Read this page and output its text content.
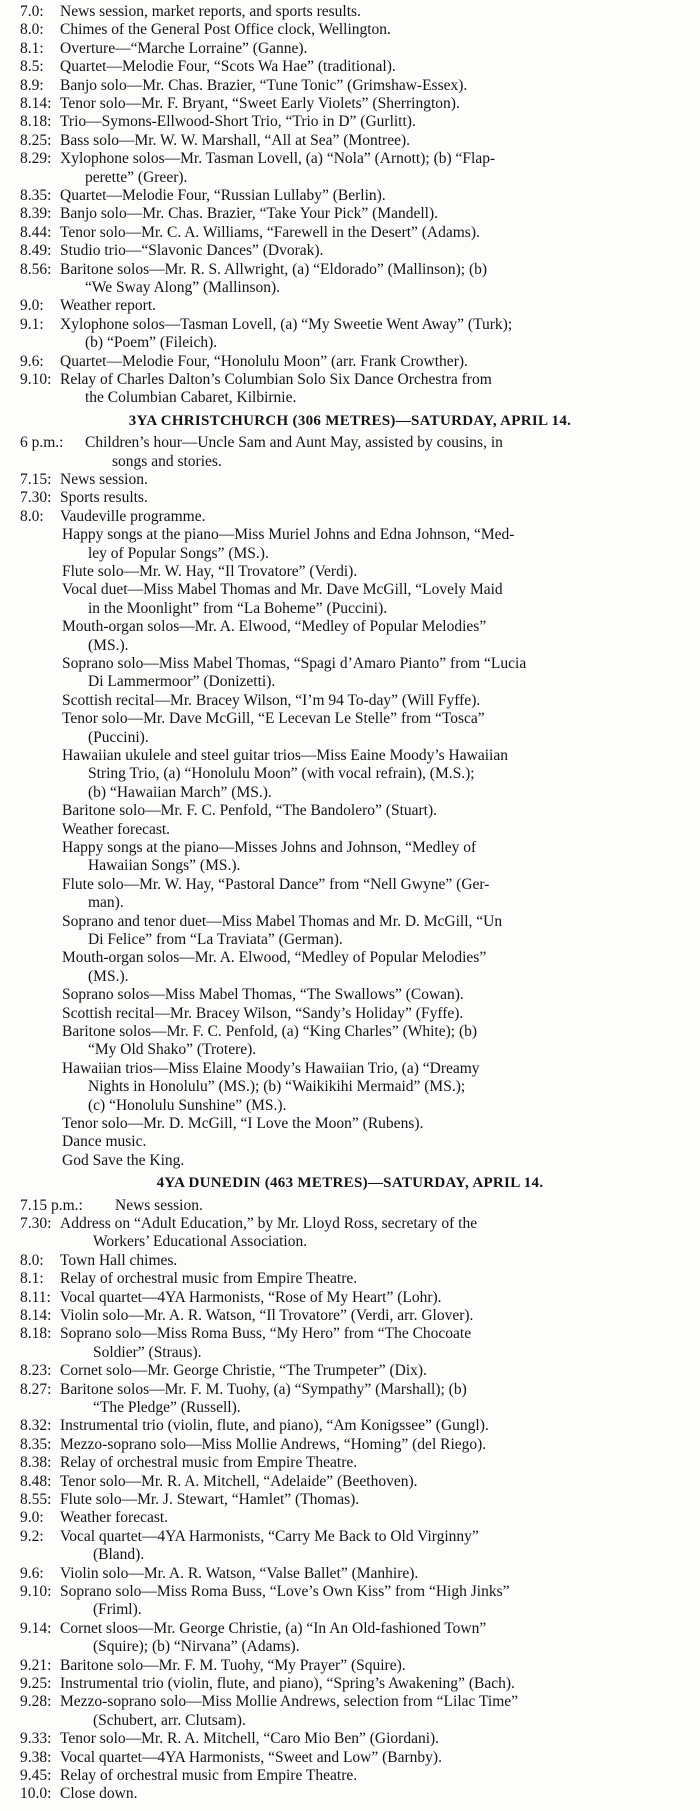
7.0: News session, market reports, and sports results.
8.0: Chimes of the General Post Office clock, Wellington.
8.1: Overture—“Marche Lorraine” (Ganne).
8.5: Quartet—Melodie Four, “Scots Wa Hae” (traditional).
8.9: Banjo solo—Mr. Chas. Brazier, “Tune Tonic” (Grimshaw-Essex).
8.14: Tenor solo—Mr. F. Bryant, “Sweet Early Violets” (Sherrington).
8.18: Trio—Symons-Ellwood-Short Trio, “Trio in D” (Gurlitt).
8.25: Bass solo—Mr. W. W. Marshall, “All at Sea” (Montree).
8.29: Xylophone solos—Mr. Tasman Lovell, (a) “Nola” (Arnott); (b) “Flap-
perette” (Greer).
8.35: Quartet—Melodie Four, “Russian Lullaby” (Berlin).
8.39: Banjo solo—Mr. Chas. Brazier, “Take Your Pick” (Mandell).
8.44: Tenor solo—Mr. C. A. Williams, “Farewell in the Desert” (Adams).
8.49: Studio trio—“Slavonic Dances” (Dvorak).
8.56: Baritone solos—Mr. R. S. Allwright, (a) “Eldorado” (Mallinson); (b)
“We Sway Along” (Mallinson).
9.0: Weather report.
9.1: Xylophone solos—Tasman Lovell, (a) “My Sweetie Went Away” (Turk);
(b) “Poem” (Fileich).
9.6: Quartet—Melodie Four, “Honolulu Moon” (arr. Frank Crowther).
9.10: Relay of Charles Dalton’s Columbian Solo Six Dance Orchestra from
the Columbian Cabaret, Kilbirnie.
3YA CHRISTCHURCH (306 METRES)—SATURDAY, APRIL 14.
6 p.m.: Children’s hour—Uncle Sam and Aunt May, assisted by cousins, in
songs and stories.
7.15: News session.
7.30: Sports results.
8.0: Vaudeville programme.
Happy songs at the piano—Miss Muriel Johns and Edna Johnson, “Med-
ley of Popular Songs” (MS.).
Flute solo—Mr. W. Hay, “Il Trovatore” (Verdi).
Vocal duet—Miss Mabel Thomas and Mr. Dave McGill, “Lovely Maid
in the Moonlight” from “La Boheme” (Puccini).
Mouth-organ solos—Mr. A. Elwood, “Medley of Popular Melodies”
(MS.).
Soprano solo—Miss Mabel Thomas, “Spagi d’Amaro Pianto” from “Lucia
Di Lammermoor” (Donizetti).
Scottish recital—Mr. Bracey Wilson, “I’m 94 To-day” (Will Fyffe).
Tenor solo—Mr. Dave McGill, “E Lecevan Le Stelle” from “Tosca”
(Puccini).
Hawaiian ukulele and steel guitar trios—Miss Eaine Moody’s Hawaiian
String Trio, (a) “Honolulu Moon” (with vocal refrain), (M.S.);
(b) “Hawaiian March” (MS.).
Baritone solo—Mr. F. C. Penfold, “The Bandolero” (Stuart).
Weather forecast.
Happy songs at the piano—Misses Johns and Johnson, “Medley of
Hawaiian Songs” (MS.).
Flute solo—Mr. W. Hay, “Pastoral Dance” from “Nell Gwyne” (Ger-
man).
Soprano and tenor duet—Miss Mabel Thomas and Mr. D. McGill, “Un
Di Felice” from “La Traviata” (German).
Mouth-organ solos—Mr. A. Elwood, “Medley of Popular Melodies”
(MS.).
Soprano solos—Miss Mabel Thomas, “The Swallows” (Cowan).
Scottish recital—Mr. Bracey Wilson, “Sandy’s Holiday” (Fyffe).
Baritone solos—Mr. F. C. Penfold, (a) “King Charles” (White); (b)
“My Old Shako” (Trotere).
Hawaiian trios—Miss Elaine Moody’s Hawaiian Trio, (a) “Dreamy
Nights in Honolulu” (MS.); (b) “Waikikihi Mermaid” (MS.);
(c) “Honolulu Sunshine” (MS.).
Tenor solo—Mr. D. McGill, “I Love the Moon” (Rubens).
Dance music.
God Save the King.
4YA DUNEDIN (463 METRES)—SATURDAY, APRIL 14.
7.15 p.m.: News session.
7.30: Address on “Adult Education,” by Mr. Lloyd Ross, secretary of the
Workers’ Educational Association.
8.0: Town Hall chimes.
8.1: Relay of orchestral music from Empire Theatre.
8.11: Vocal quartet—4YA Harmonists, “Rose of My Heart” (Lohr).
8.14: Violin solo—Mr. A. R. Watson, “Il Trovatore” (Verdi, arr. Glover).
8.18: Soprano solo—Miss Roma Buss, “My Hero” from “The Chocoate
Soldier” (Straus).
8.23: Cornet solo—Mr. George Christie, “The Trumpeter” (Dix).
8.27: Baritone solos—Mr. F. M. Tuohy, (a) “Sympathy” (Marshall); (b)
“The Pledge” (Russell).
8.32: Instrumental trio (violin, flute, and piano), “Am Konigssee” (Gungl).
8.35: Mezzo-soprano solo—Miss Mollie Andrews, “Homing” (del Riego).
8.38: Relay of orchestral music from Empire Theatre.
8.48: Tenor solo—Mr. R. A. Mitchell, “Adelaide” (Beethoven).
8.55: Flute solo—Mr. J. Stewart, “Hamlet” (Thomas).
9.0: Weather forecast.
9.2: Vocal quartet—4YA Harmonists, “Carry Me Back to Old Virginny”
(Bland).
9.6: Violin solo—Mr. A. R. Watson, “Valse Ballet” (Manhire).
9.10: Soprano solo—Miss Roma Buss, “Love’s Own Kiss” from “High Jinks”
(Friml).
9.14: Cornet sloos—Mr. George Christie, (a) “In An Old-fashioned Town”
(Squire); (b) “Nirvana” (Adams).
9.21: Baritone solo—Mr. F. M. Tuohy, “My Prayer” (Squire).
9.25: Instrumental trio (violin, flute, and piano), “Spring’s Awakening” (Bach).
9.28: Mezzo-soprano solo—Miss Mollie Andrews, selection from “Lilac Time”
(Schubert, arr. Clutsam).
9.33: Tenor solo—Mr. R. A. Mitchell, “Caro Mio Ben” (Giordani).
9.38: Vocal quartet—4YA Harmonists, “Sweet and Low” (Barnby).
9.45: Relay of orchestral music from Empire Theatre.
10.0: Close down.
